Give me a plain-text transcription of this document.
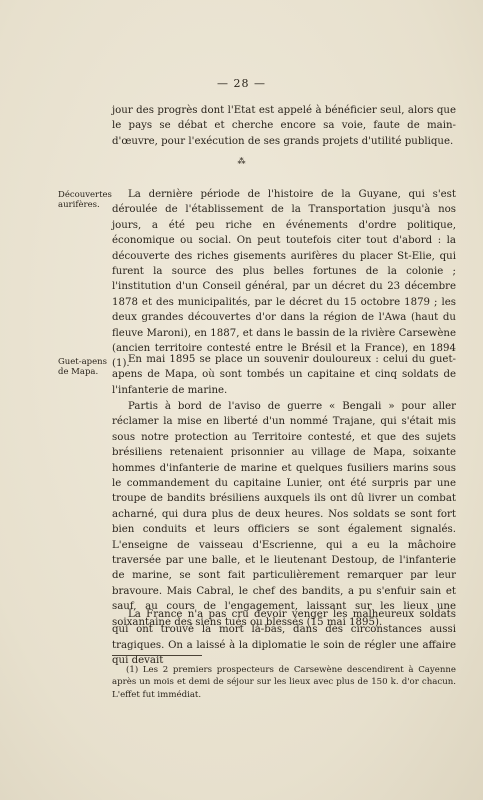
— 28 —

jour des progrès dont l'Etat est appelé à bénéficier seul, alors que le pays se débat et cherche encore sa voie, faute de main-d'œuvre, pour l'exécution de ses grands projets d'utilité publique.

⁂
Découvertes aurifères.

La dernière période de l'histoire de la Guyane, qui s'est déroulée de l'établissement de la Transportation jusqu'à nos jours, a été peu riche en événements d'ordre politique, économique ou social. On peut toutefois citer tout d'abord : la découverte des riches gisements aurifères du placer St-Elie, qui furent la source des plus belles fortunes de la colonie ; l'institution d'un Conseil général, par un décret du 23 décembre 1878 et des municipalités, par le décret du 15 octobre 1879 ; les deux grandes découvertes d'or dans la région de l'Awa (haut du fleuve Maroni), en 1887, et dans le bassin de la rivière Carsewène (ancien territoire contesté entre le Brésil et la France), en 1894 (1).

Guet-apens de Mapa.

En mai 1895 se place un souvenir douloureux : celui du guet-apens de Mapa, où sont tombés un capitaine et cinq soldats de l'infanterie de marine.

Partis à bord de l'aviso de guerre « Bengali » pour aller réclamer la mise en liberté d'un nommé Trajane, qui s'était mis sous notre protection au Territoire contesté, et que des sujets brésiliens retenaient prisonnier au village de Mapa, soixante hommes d'infanterie de marine et quelques fusiliers marins sous le commandement du capitaine Lunier, ont été surpris par une troupe de bandits brésiliens auxquels ils ont dû livrer un combat acharné, qui dura plus de deux heures. Nos soldats se sont fort bien conduits et leurs officiers se sont également signalés. L'enseigne de vaisseau d'Escrienne, qui a eu la mâchoire traversée par une balle, et le lieutenant Destoup, de l'infanterie de marine, se sont fait particulièrement remarquer par leur bravoure. Mais Cabral, le chef des bandits, a pu s'enfuir sain et sauf, au cours de l'engagement, laissant sur les lieux une soixantaine des siens tués ou blessés (15 mai 1895).

La France n'a pas cru devoir venger les malheureux soldats qui ont trouvé la mort là-bas, dans des circonstances aussi tragiques. On a laissé à la diplomatie le soin de régler une affaire qui devait

(1) Les 2 premiers prospecteurs de Carsewène descendirent à Cayenne après un mois et demi de séjour sur les lieux avec plus de 150 k. d'or chacun. L'effet fut immédiat.
